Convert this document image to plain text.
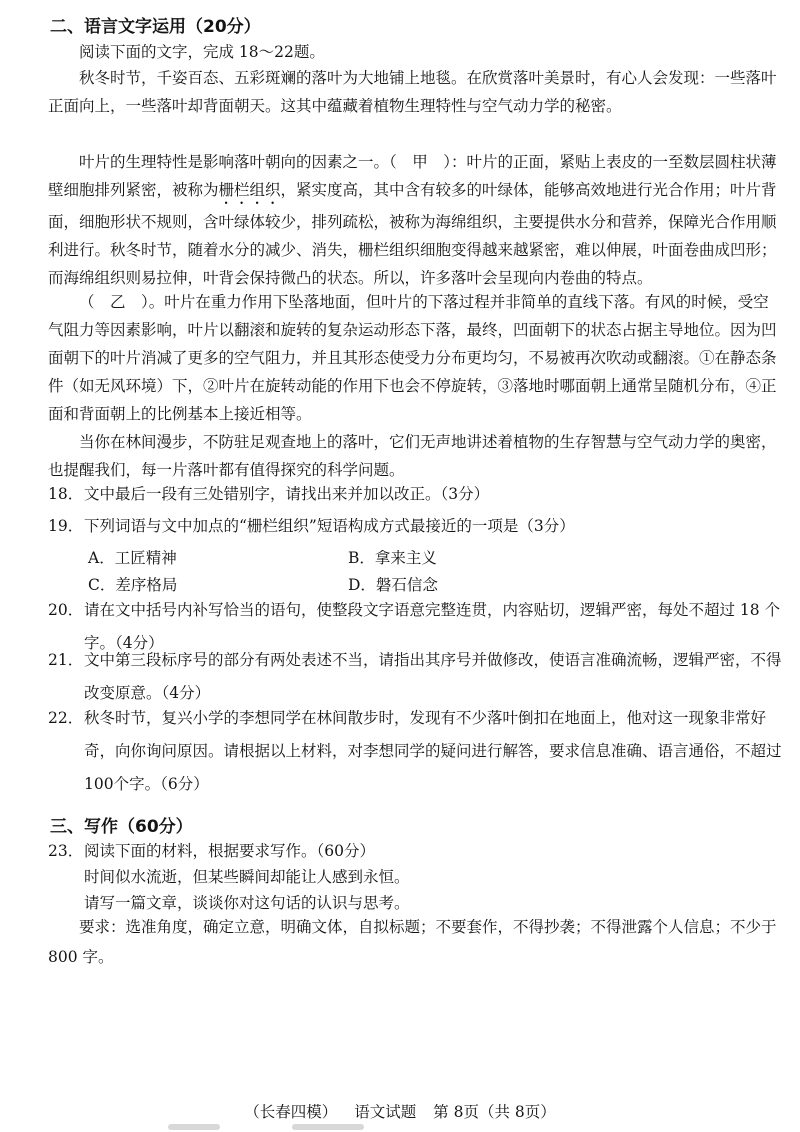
二、语言文字运用（20分）
阅读下面的文字，完成 18～22题。
秋冬时节，千姿百态、五彩斑斓的落叶为大地铺上地毯。在欣赏落叶美景时，有心人会发现：一些落叶正面向上，一些落叶却背面朝天。这其中蕴藏着植物生理特性与空气动力学的秘密。
叶片的生理特性是影响落叶朝向的因素之一。（　甲　）：叶片的正面，紧贴上表皮的一至数层圆柱状薄壁细胞排列紧密，被称为栅栏组织，紧实度高，其中含有较多的叶绿体，能够高效地进行光合作用；叶片背面，细胞形状不规则，含叶绿体较少，排列疏松，被称为海绵组织，主要提供水分和营养，保障光合作用顺利进行。秋冬时节，随着水分的减少、消失，栅栏组织细胞变得越来越紧密，难以伸展，叶面卷曲成凹形；而海绵组织则易拉伸，叶背会保持微凸的状态。所以，许多落叶会呈现向内卷曲的特点。
（　乙　）。叶片在重力作用下坠落地面，但叶片的下落过程并非简单的直线下落。有风的时候，受空气阻力等因素影响，叶片以翻滚和旋转的复杂运动形态下落，最终，凹面朝下的状态占据主导地位。因为凹面朝下的叶片消减了更多的空气阻力，并且其形态使受力分布更均匀，不易被再次吹动或翻滚。①在静态条件（如无风环境）下，②叶片在旋转动能的作用下也会不停旋转，③落地时哪面朝上通常呈随机分布，④正面和背面朝上的比例基本上接近相等。
当你在林间漫步，不防驻足观查地上的落叶，它们无声地讲述着植物的生存智慧与空气动力学的奥密，也提醒我们，每一片落叶都有值得探究的科学问题。
18． 文中最后一段有三处错别字，请找出来并加以改正。（3分）
19． 下列词语与文中加点的“栅栏组织”短语构成方式最接近的一项是（3分）
A．工匠精神	B．拿来主义
C．差序格局	D．磐石信念
20． 请在文中括号内补写恰当的语句，使整段文字语意完整连贯，内容贴切，逻辑严密，每处不超过 18 个字。（4分）
21． 文中第三段标序号的部分有两处表述不当，请指出其序号并做修改，使语言准确流畅，逻辑严密，不得改变原意。（4分）
22． 秋冬时节，复兴小学的李想同学在林间散步时，发现有不少落叶倒扣在地面上，他对这一现象非常好奇，向你询问原因。请根据以上材料，对李想同学的疑问进行解答，要求信息准确、语言通俗，不超过100个字。（6分）
三、写作（60分）
23． 阅读下面的材料，根据要求写作。（60分）
时间似水流逝，但某些瞬间却能让人感到永恒。
请写一篇文章，谈谈你对这句话的认识与思考。
要求：选准角度，确定立意，明确文体，自拟标题；不要套作，不得抄袭；不得泄露个人信息；不少于 800 字。
（长春四模） 语文试题 第 8页（共 8页）
